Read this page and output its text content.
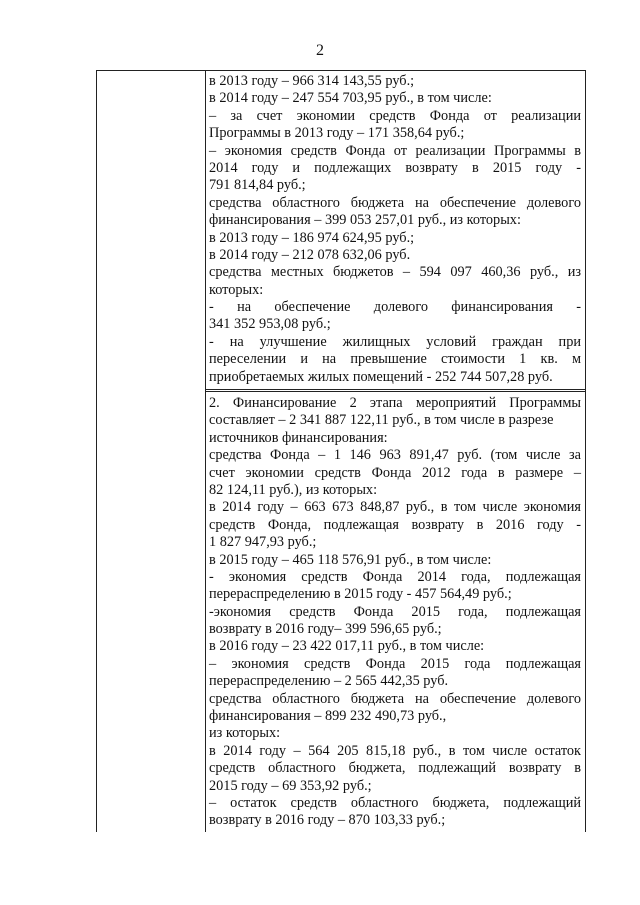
2
в 2013 году – 966 314 143,55 руб.;
в 2014 году – 247 554 703,95 руб., в том числе:
– за счет экономии средств Фонда от реализации
Программы в 2013 году – 171 358,64 руб.;
– экономия средств Фонда от реализации Программы в
2014 году и подлежащих возврату в 2015 году -
791 814,84 руб.;
средства областного бюджета на обеспечение долевого
финансирования – 399 053 257,01 руб., из которых:
в 2013 году – 186 974 624,95 руб.;
в 2014 году – 212 078 632,06 руб.
средства местных бюджетов – 594 097 460,36 руб., из
которых:
- на обеспечение долевого финансирования -
341 352 953,08 руб.;
- на улучшение жилищных условий граждан при
переселении и на превышение стоимости 1 кв. м
приобретаемых жилых помещений - 252 744 507,28 руб.
2. Финансирование 2 этапа мероприятий Программы
составляет – 2 341 887 122,11 руб., в том числе в разрезе
источников финансирования:
средства Фонда – 1 146 963 891,47 руб. (том числе за
счет экономии средств Фонда 2012 года в размере –
82 124,11 руб.), из которых:
в 2014 году – 663 673 848,87 руб., в том числе экономия
средств Фонда, подлежащая возврату в 2016 году -
1 827 947,93 руб.;
в 2015 году – 465 118 576,91 руб., в том числе:
- экономия средств Фонда 2014 года, подлежащая
перераспределению в 2015 году - 457 564,49 руб.;
-экономия средств Фонда 2015 года, подлежащая
возврату в 2016 году– 399 596,65 руб.;
в 2016 году – 23 422 017,11 руб., в том числе:
– экономия средств Фонда 2015 года подлежащая
перераспределению – 2 565 442,35 руб.
средства областного бюджета на обеспечение долевого
финансирования – 899 232 490,73 руб.,
из которых:
в 2014 году – 564 205 815,18 руб., в том числе остаток
средств областного бюджета, подлежащий возврату в
2015 году – 69 353,92 руб.;
– остаток средств областного бюджета, подлежащий
возврату в 2016 году – 870 103,33 руб.;
